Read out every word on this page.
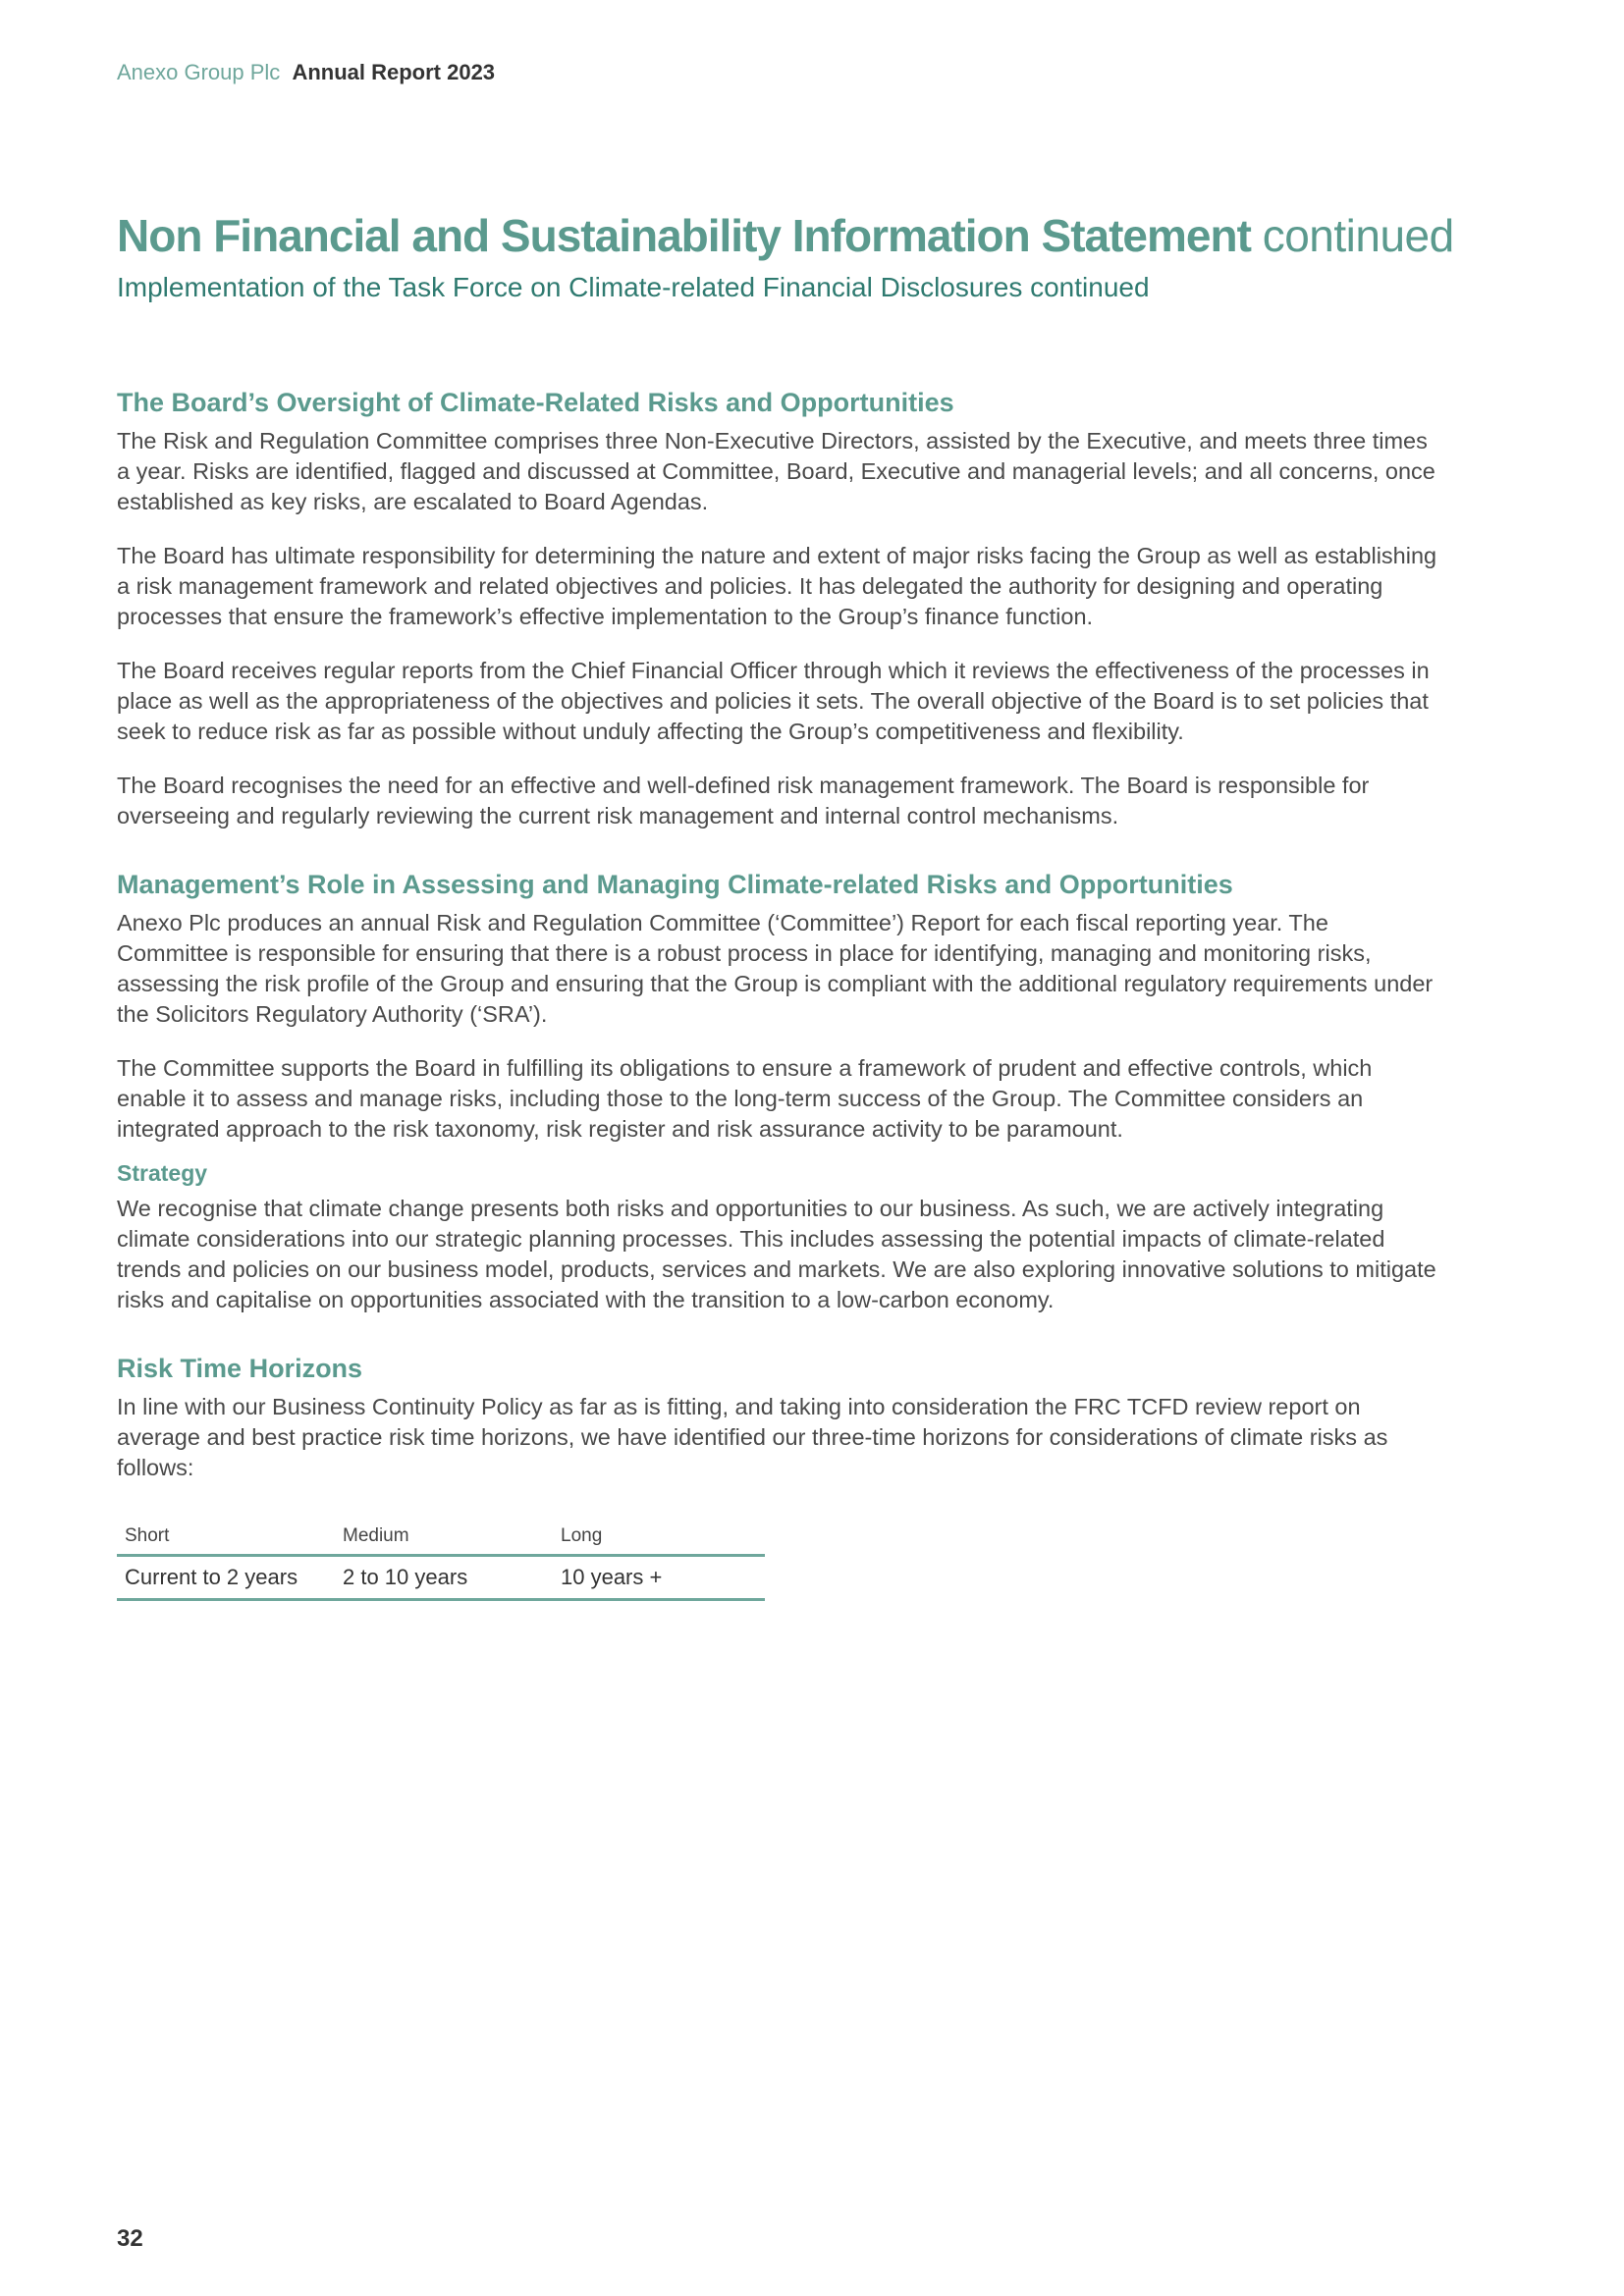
Anexo Group Plc Annual Report 2023
Non Financial and Sustainability Information Statement continued
Implementation of the Task Force on Climate-related Financial Disclosures continued
The Board’s Oversight of Climate-Related Risks and Opportunities

The Risk and Regulation Committee comprises three Non-Executive Directors, assisted by the Executive, and meets three times a year. Risks are identified, flagged and discussed at Committee, Board, Executive and managerial levels; and all concerns, once established as key risks, are escalated to Board Agendas.

The Board has ultimate responsibility for determining the nature and extent of major risks facing the Group as well as establishing a risk management framework and related objectives and policies. It has delegated the authority for designing and operating processes that ensure the framework’s effective implementation to the Group’s finance function.

The Board receives regular reports from the Chief Financial Officer through which it reviews the effectiveness of the processes in place as well as the appropriateness of the objectives and policies it sets. The overall objective of the Board is to set policies that seek to reduce risk as far as possible without unduly affecting the Group’s competitiveness and flexibility.

The Board recognises the need for an effective and well-defined risk management framework. The Board is responsible for overseeing and regularly reviewing the current risk management and internal control mechanisms.

Management’s Role in Assessing and Managing Climate-related Risks and Opportunities

Anexo Plc produces an annual Risk and Regulation Committee (‘Committee’) Report for each fiscal reporting year. The Committee is responsible for ensuring that there is a robust process in place for identifying, managing and monitoring risks, assessing the risk profile of the Group and ensuring that the Group is compliant with the additional regulatory requirements under the Solicitors Regulatory Authority (‘SRA’).

The Committee supports the Board in fulfilling its obligations to ensure a framework of prudent and effective controls, which enable it to assess and manage risks, including those to the long-term success of the Group. The Committee considers an integrated approach to the risk taxonomy, risk register and risk assurance activity to be paramount.

Strategy

We recognise that climate change presents both risks and opportunities to our business. As such, we are actively integrating climate considerations into our strategic planning processes. This includes assessing the potential impacts of climate-related trends and policies on our business model, products, services and markets. We are also exploring innovative solutions to mitigate risks and capitalise on opportunities associated with the transition to a low-carbon economy.

Risk Time Horizons

In line with our Business Continuity Policy as far as is fitting, and taking into consideration the FRC TCFD review report on average and best practice risk time horizons, we have identified our three-time horizons for considerations of climate risks as follows:

Short	Medium	Long
Current to 2 years	2 to 10 years	10 years +
32
